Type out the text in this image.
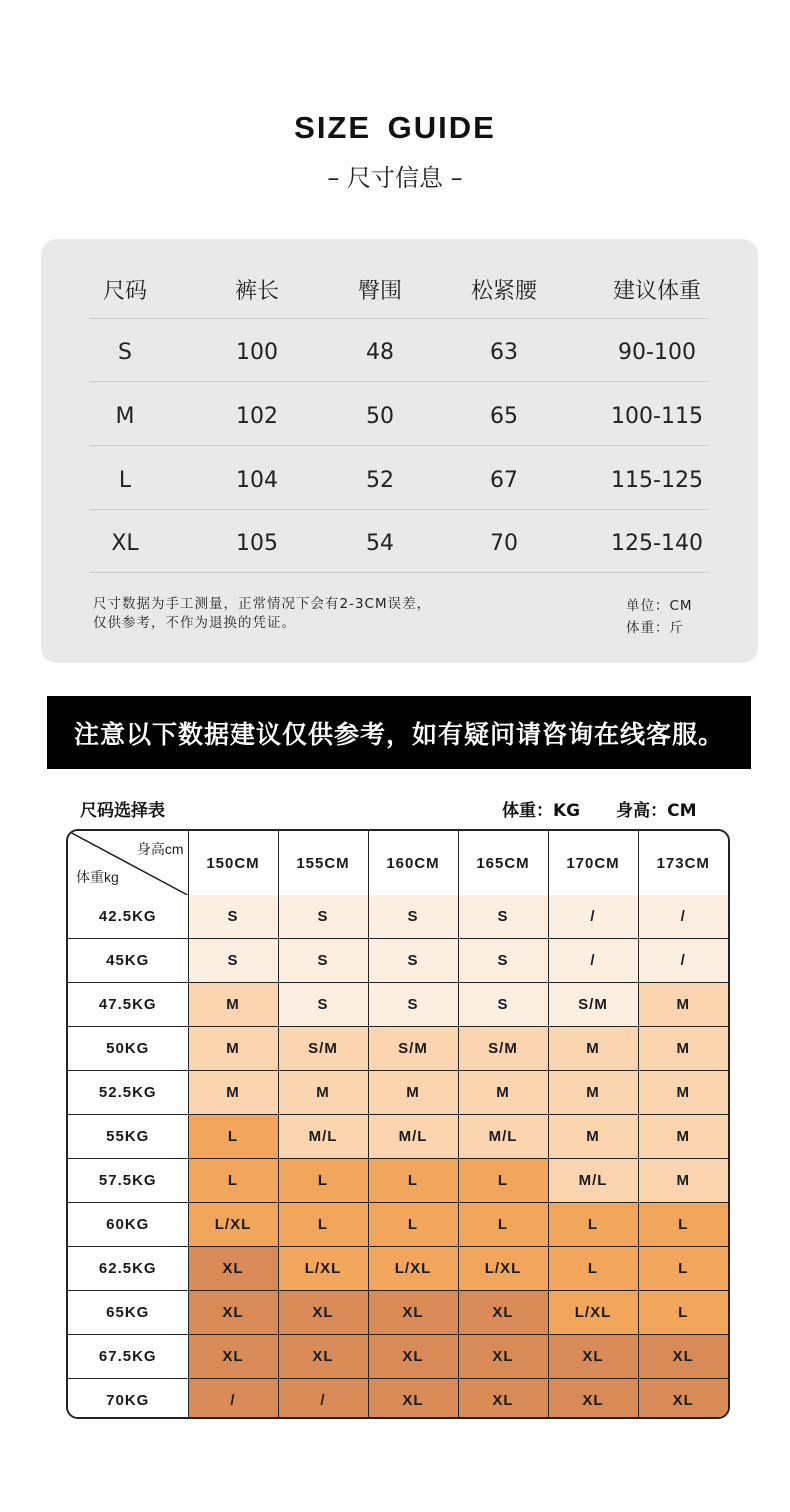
SIZE GUIDE
– 尺寸信息 –
尺码	裤长	臀围	松紧腰	建议体重
S	100	48	63	90-100
M	102	50	65	100-115
L	104	52	67	115-125
XL	105	54	70	125-140
尺寸数据为手工测量，正常情况下会有2-3CM误差，
仅供参考，不作为退换的凭证。
单位：CM
体重：斤
注意以下数据建议仅供参考，如有疑问请咨询在线客服。
尺码选择表	体重：KG 身高：CM
身高cm
体重kg	150CM	155CM	160CM	165CM	170CM	173CM
42.5KG	S	S	S	S	/	/
45KG	S	S	S	S	/	/
47.5KG	M	S	S	S	S/M	M
50KG	M	S/M	S/M	S/M	M	M
52.5KG	M	M	M	M	M	M
55KG	L	M/L	M/L	M/L	M	M
57.5KG	L	L	L	L	M/L	M
60KG	L/XL	L	L	L	L	L
62.5KG	XL	L/XL	L/XL	L/XL	L	L
65KG	XL	XL	XL	XL	L/XL	L
67.5KG	XL	XL	XL	XL	XL	XL
70KG	/	/	XL	XL	XL	XL
